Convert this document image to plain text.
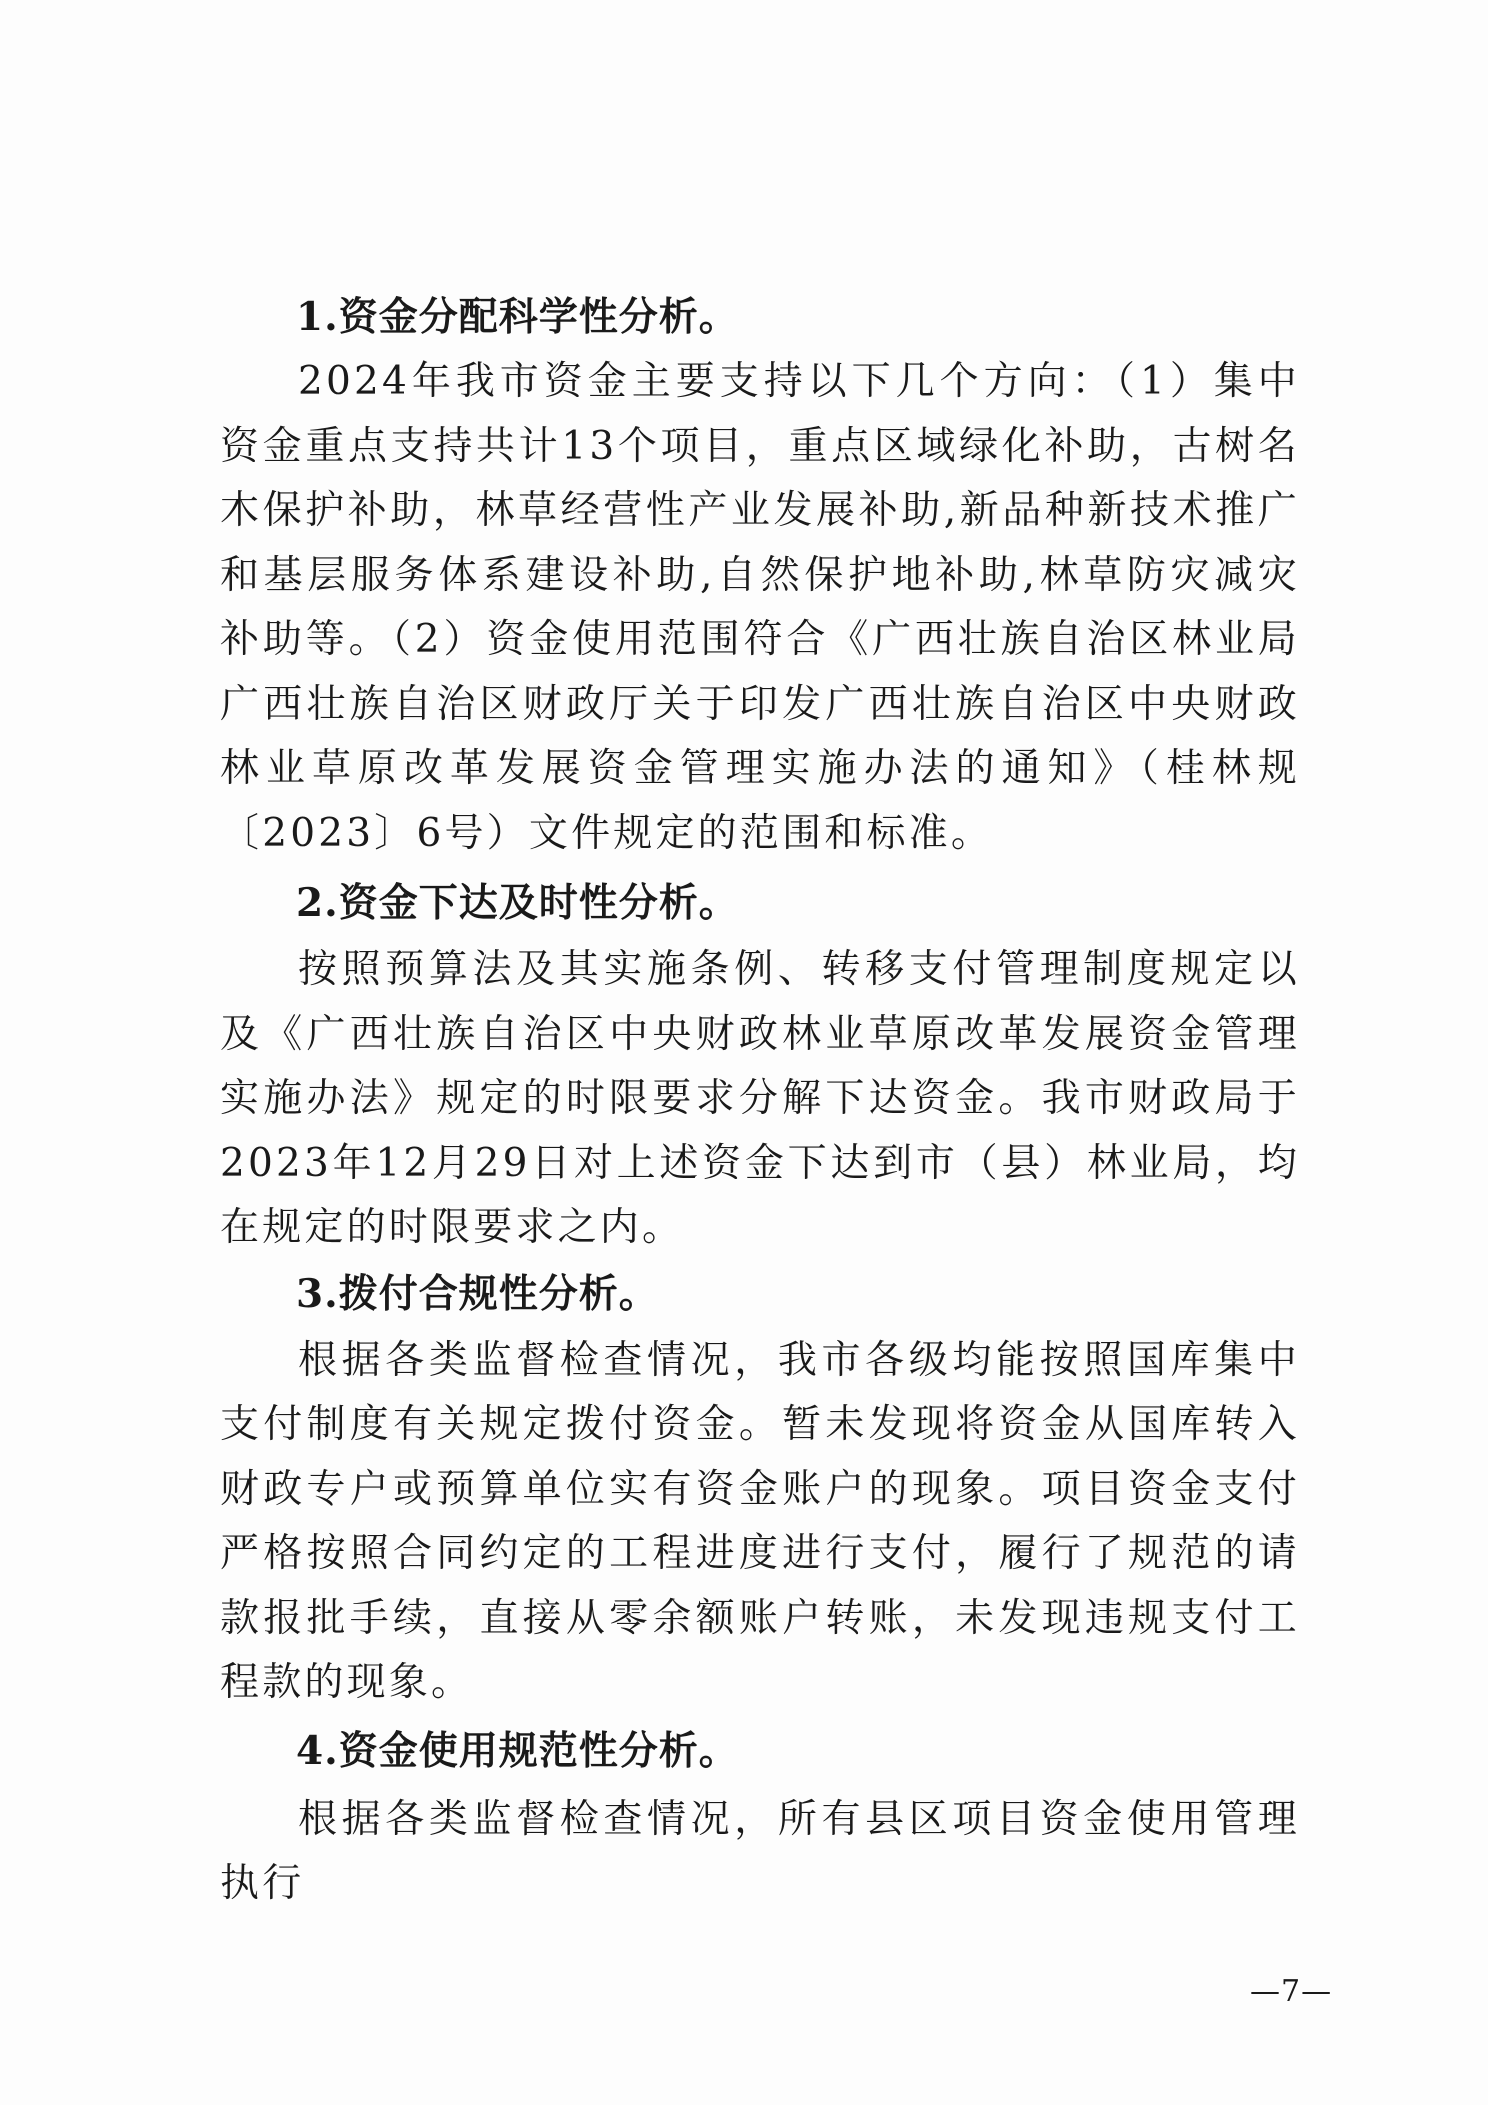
1.资金分配科学性分析。

2024年我市资金主要支持以下几个方向：（1）集中资金重点支持共计13个项目，重点区域绿化补助，古树名木保护补助，林草经营性产业发展补助,新品种新技术推广和基层服务体系建设补助,自然保护地补助,林草防灾减灾补助等。（2）资金使用范围符合《广西壮族自治区林业局广西壮族自治区财政厅关于印发广西壮族自治区中央财政林业草原改革发展资金管理实施办法的通知》（桂林规〔2023〕6号）文件规定的范围和标准。

2.资金下达及时性分析。

按照预算法及其实施条例、转移支付管理制度规定以及《广西壮族自治区中央财政林业草原改革发展资金管理实施办法》规定的时限要求分解下达资金。我市财政局于2023年12月29日对上述资金下达到市（县）林业局，均在规定的时限要求之内。

3.拨付合规性分析。

根据各类监督检查情况，我市各级均能按照国库集中支付制度有关规定拨付资金。暂未发现将资金从国库转入财政专户或预算单位实有资金账户的现象。项目资金支付严格按照合同约定的工程进度进行支付，履行了规范的请款报批手续，直接从零余额账户转账，未发现违规支付工程款的现象。

4.资金使用规范性分析。

根据各类监督检查情况，所有县区项目资金使用管理执行

—7—
